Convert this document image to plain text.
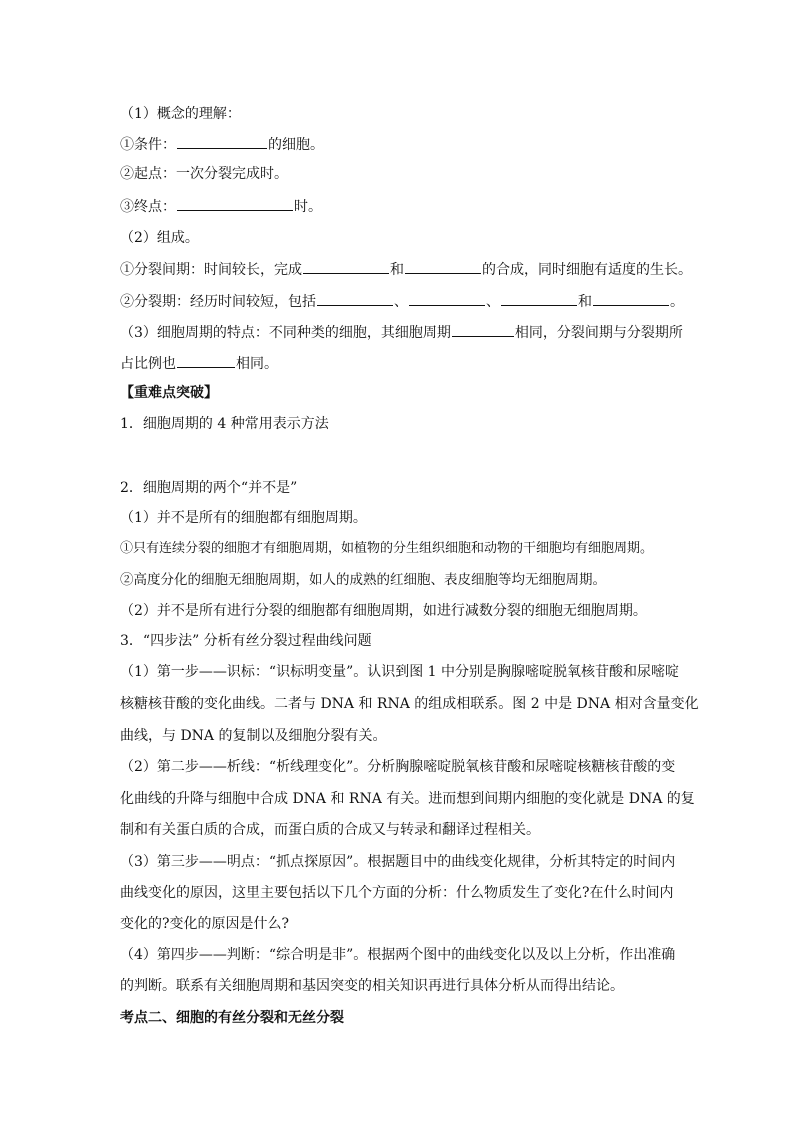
（1）概念的理解：
①条件：	的细胞。
②起点：一次分裂完成时。
③终点：	时。
（2）组成。
①分裂间期：时间较长，完成	和	的合成，同时细胞有适度的生长。
②分裂期：经历时间较短，包括	、	、	和	。
（3）细胞周期的特点：不同种类的细胞，其细胞周期	相同，分裂间期与分裂期所
占比例也	相同。
【重难点突破】
1．细胞周期的 4 种常用表示方法
2．细胞周期的两个“并不是”
（1）并不是所有的细胞都有细胞周期。
①只有连续分裂的细胞才有细胞周期，如植物的分生组织细胞和动物的干细胞均有细胞周期。
②高度分化的细胞无细胞周期，如人的成熟的红细胞、表皮细胞等均无细胞周期。
（2）并不是所有进行分裂的细胞都有细胞周期，如进行减数分裂的细胞无细胞周期。
3．“四步法” 分析有丝分裂过程曲线问题
（1）第一步——识标：“识标明变量”。认识到图 1 中分别是胸腺嘧啶脱氧核苷酸和尿嘧啶
核糖核苷酸的变化曲线。二者与 DNA 和 RNA 的组成相联系。图 2 中是 DNA 相对含量变化
曲线，与 DNA 的复制以及细胞分裂有关。
（2）第二步——析线：“析线理变化”。分析胸腺嘧啶脱氧核苷酸和尿嘧啶核糖核苷酸的变
化曲线的升降与细胞中合成 DNA 和 RNA 有关。进而想到间期内细胞的变化就是 DNA 的复
制和有关蛋白质的合成，而蛋白质的合成又与转录和翻译过程相关。
（3）第三步——明点：“抓点探原因”。根据题目中的曲线变化规律，分析其特定的时间内
曲线变化的原因，这里主要包括以下几个方面的分析：什么物质发生了变化?在什么时间内
变化的?变化的原因是什么?
（4）第四步——判断：“综合明是非”。根据两个图中的曲线变化以及以上分析，作出准确
的判断。联系有关细胞周期和基因突变的相关知识再进行具体分析从而得出结论。
考点二、细胞的有丝分裂和无丝分裂
